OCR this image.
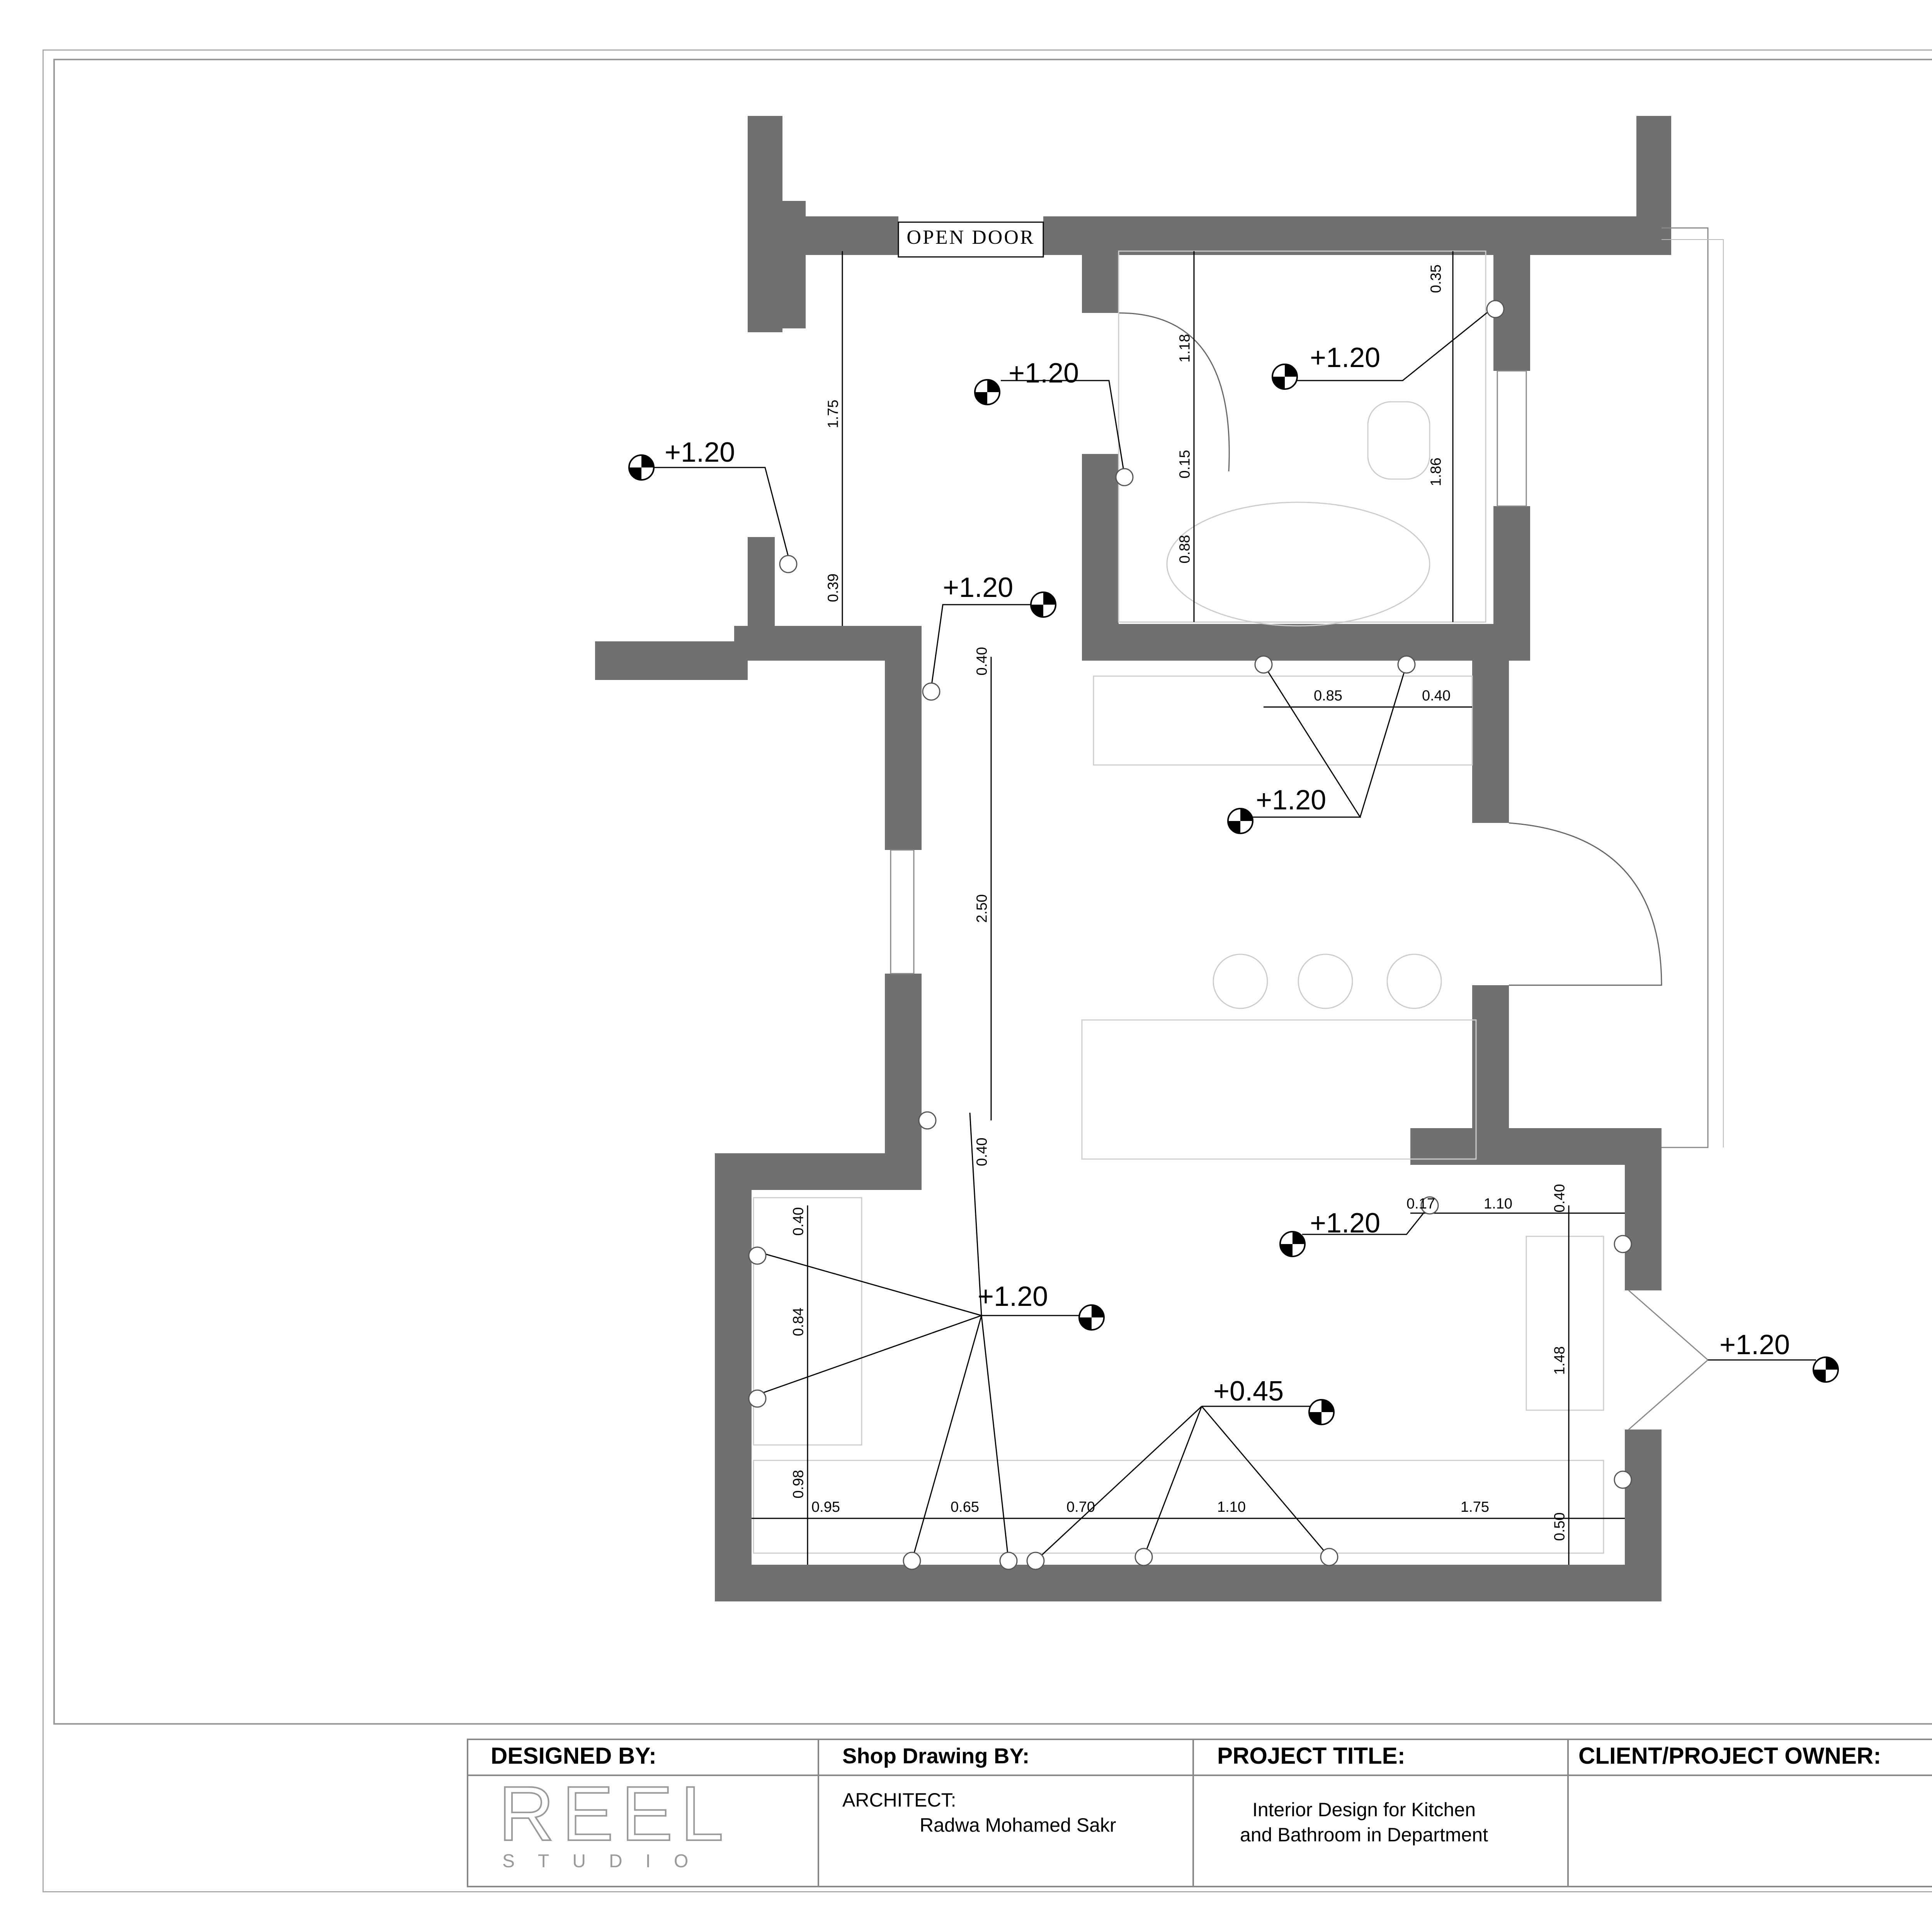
OPEN DOOR
+1.20
+1.20	+1.20
+1.20
+1.20
+1.20
+1.20
+0.45
+1.20
1.75
0.39
0.35
1.18
0.15	1.86
0.88
0.40
0.85	0.40
2.50
0.40
0.17	1.10	0.40
0.40
0.84
1.48
0.98
0.95	0.65	0.70	1.10	1.75
0.50
DESIGNED BY:
REEL
STUDIO
Shop Drawing BY:
ARCHITECT:
Radwa Mohamed Sakr
PROJECT TITLE:
Interior Design for Kitchen
and Bathroom in Department
CLIENT/PROJECT OWNER:
